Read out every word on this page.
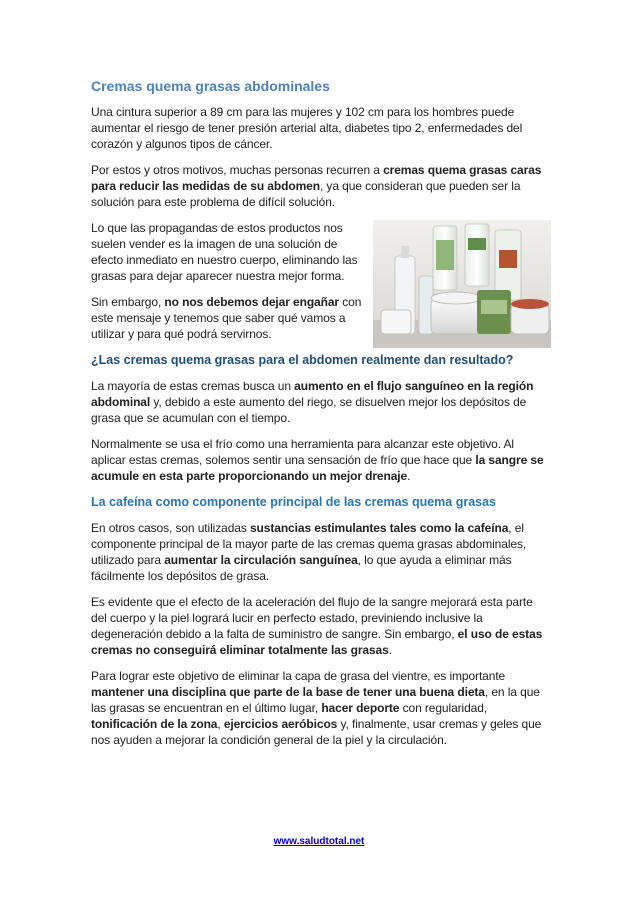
Cremas quema grasas abdominales

Una cintura superior a 89 cm para las mujeres y 102 cm para los hombres puede aumentar el riesgo de tener presión arterial alta, diabetes tipo 2, enfermedades del corazón y algunos tipos de cáncer.

Por estos y otros motivos, muchas personas recurren a cremas quema grasas caras para reducir las medidas de su abdomen, ya que consideran que pueden ser la solución para este problema de difícil solución.

Lo que las propagandas de estos productos nos suelen vender es la imagen de una solución de efecto inmediato en nuestro cuerpo, eliminando las grasas para dejar aparecer nuestra mejor forma.

Sin embargo, no nos debemos dejar engañar con este mensaje y tenemos que saber qué vamos a utilizar y para qué podrá servirnos.

¿Las cremas quema grasas para el abdomen realmente dan resultado?

La mayoría de estas cremas busca un aumento en el flujo sanguíneo en la región abdominal y, debido a este aumento del riego, se disuelven mejor los depósitos de grasa que se acumulan con el tiempo.

Normalmente se usa el frío como una herramienta para alcanzar este objetivo. Al aplicar estas cremas, solemos sentir una sensación de frío que hace que la sangre se acumule en esta parte proporcionando un mejor drenaje.

La cafeína como componente principal de las cremas quema grasas

En otros casos, son utilizadas sustancias estimulantes tales como la cafeína, el componente principal de la mayor parte de las cremas quema grasas abdominales, utilizado para aumentar la circulación sanguínea, lo que ayuda a eliminar más fácilmente los depósitos de grasa.

Es evidente que el efecto de la aceleración del flujo de la sangre mejorará esta parte del cuerpo y la piel logrará lucir en perfecto estado, previniendo inclusive la degeneración debido a la falta de suministro de sangre. Sin embargo, el uso de estas cremas no conseguirá eliminar totalmente las grasas.

Para lograr este objetivo de eliminar la capa de grasa del vientre, es importante mantener una disciplina que parte de la base de tener una buena dieta, en la que las grasas se encuentran en el último lugar, hacer deporte con regularidad, tonificación de la zona, ejercicios aeróbicos y, finalmente, usar cremas y geles que nos ayuden a mejorar la condición general de la piel y la circulación.

www.saludtotal.net
